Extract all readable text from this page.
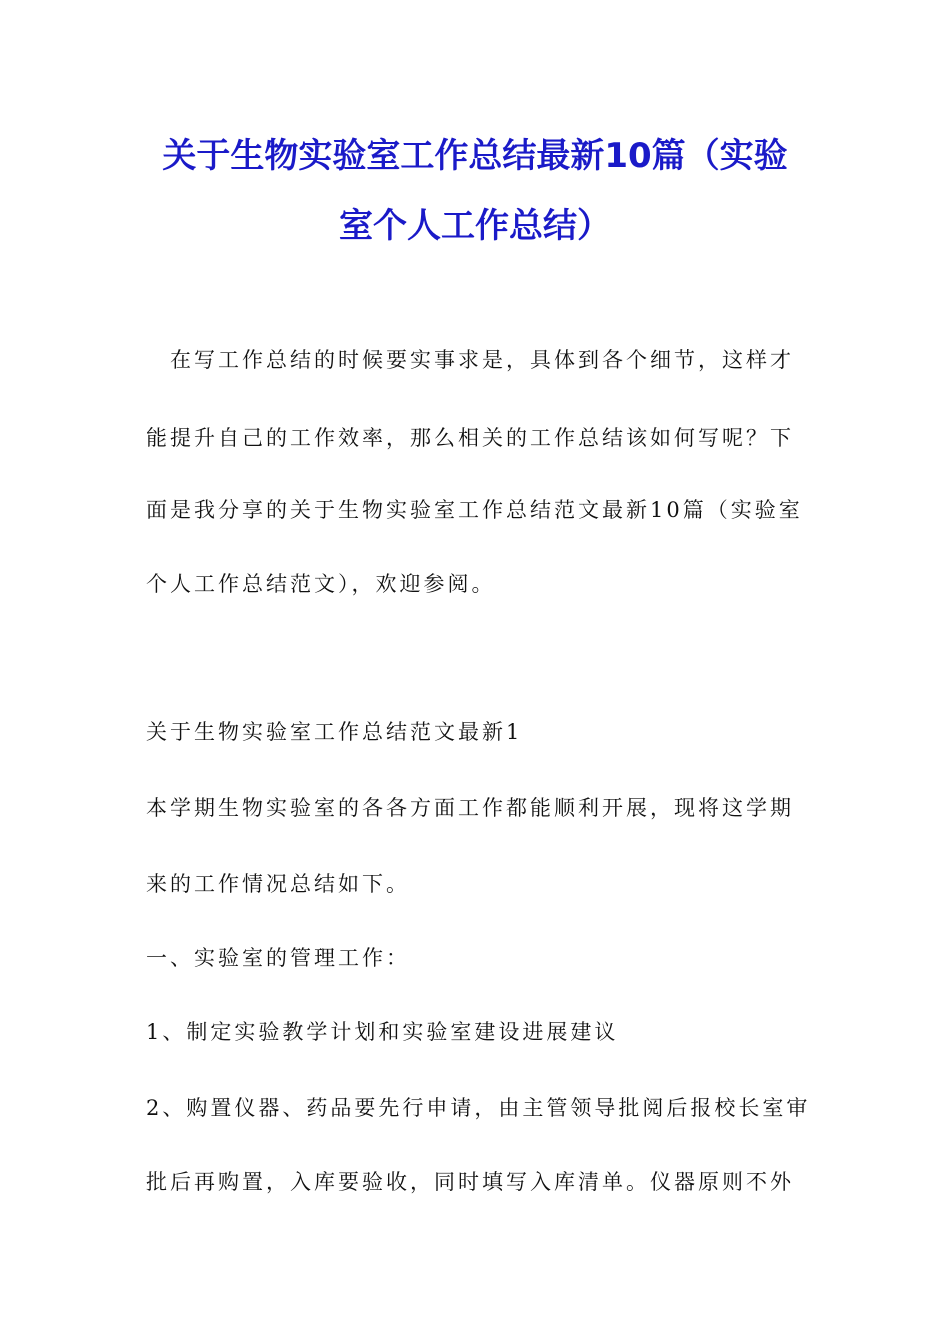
关于生物实验室工作总结最新10篇（实验
室个人工作总结）
　在写工作总结的时候要实事求是，具体到各个细节，这样才
能提升自己的工作效率，那么相关的工作总结该如何写呢？下
面是我分享的关于生物实验室工作总结范文最新10篇（实验室
个人工作总结范文），欢迎参阅。
关于生物实验室工作总结范文最新1
本学期生物实验室的各各方面工作都能顺利开展，现将这学期
来的工作情况总结如下。
一、实验室的管理工作：
1、制定实验教学计划和实验室建设进展建议
2、购置仪器、药品要先行申请，由主管领导批阅后报校长室审
批后再购置，入库要验收，同时填写入库清单。仪器原则不外
